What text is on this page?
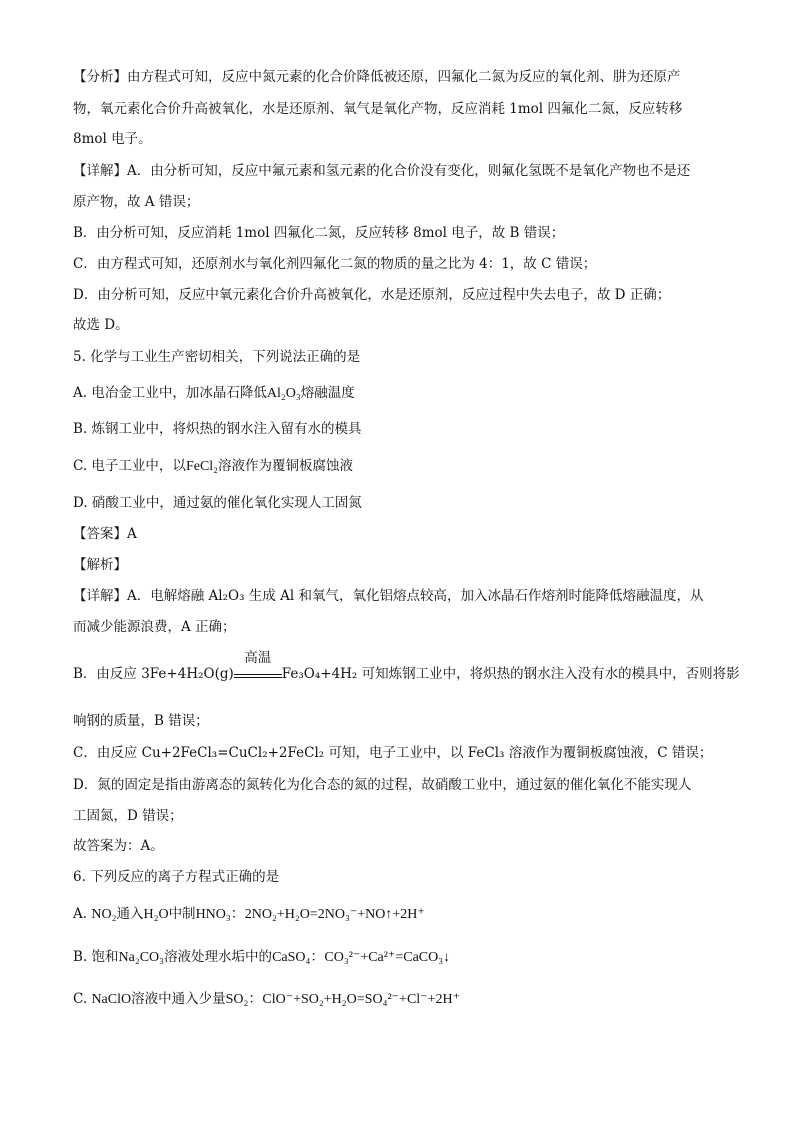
【分析】由方程式可知，反应中氮元素的化合价降低被还原，四氟化二氮为反应的氧化剂、肼为还原产
物，氧元素化合价升高被氧化，水是还原剂、氧气是氧化产物，反应消耗 1mol 四氟化二氮，反应转移
8mol 电子。
【详解】A．由分析可知，反应中氟元素和氢元素的化合价没有变化，则氟化氢既不是氧化产物也不是还
原产物，故 A 错误；
B．由分析可知，反应消耗 1mol 四氟化二氮，反应转移 8mol 电子，故 B 错误；
C．由方程式可知，还原剂水与氧化剂四氟化二氮的物质的量之比为 4：1，故 C 错误；
D．由分析可知，反应中氧元素化合价升高被氧化，水是还原剂，反应过程中失去电子，故 D 正确；
故选 D。
5. 化学与工业生产密切相关，下列说法正确的是
A. 电冶金工业中，加冰晶石降低Al₂O₃熔融温度
B. 炼钢工业中，将炽热的钢水注入留有水的模具
C. 电子工业中，以FeCl₂溶液作为覆铜板腐蚀液
D. 硝酸工业中，通过氨的催化氧化实现人工固氮
【答案】A
【解析】
【详解】A．电解熔融 Al₂O₃ 生成 Al 和氧气，氧化铝熔点较高，加入冰晶石作熔剂时能降低熔融温度，从
而减少能源浪费，A 正确；
B．由反应 3Fe+4H₂O(g)
高温
Fe₃O₄+4H₂ 可知炼钢工业中，将炽热的钢水注入没有水的模具中，否则将影
响钢的质量，B 错误；
C．由反应 Cu+2FeCl₃=CuCl₂+2FeCl₂ 可知，电子工业中，以 FeCl₃ 溶液作为覆铜板腐蚀液，C 错误；
D．氮的固定是指由游离态的氮转化为化合态的氮的过程，故硝酸工业中，通过氨的催化氧化不能实现人
工固氮，D 错误；
故答案为：A。
6. 下列反应的离子方程式正确的是
A. NO₂通入H₂O中制HNO₃：2NO₂+H₂O=2NO₃⁻+NO↑+2H⁺
B. 饱和Na₂CO₃溶液处理水垢中的CaSO₄：CO₃²⁻+Ca²⁺=CaCO₃↓
C. NaClO溶液中通入少量SO₂：ClO⁻+SO₂+H₂O=SO₄²⁻+Cl⁻+2H⁺
